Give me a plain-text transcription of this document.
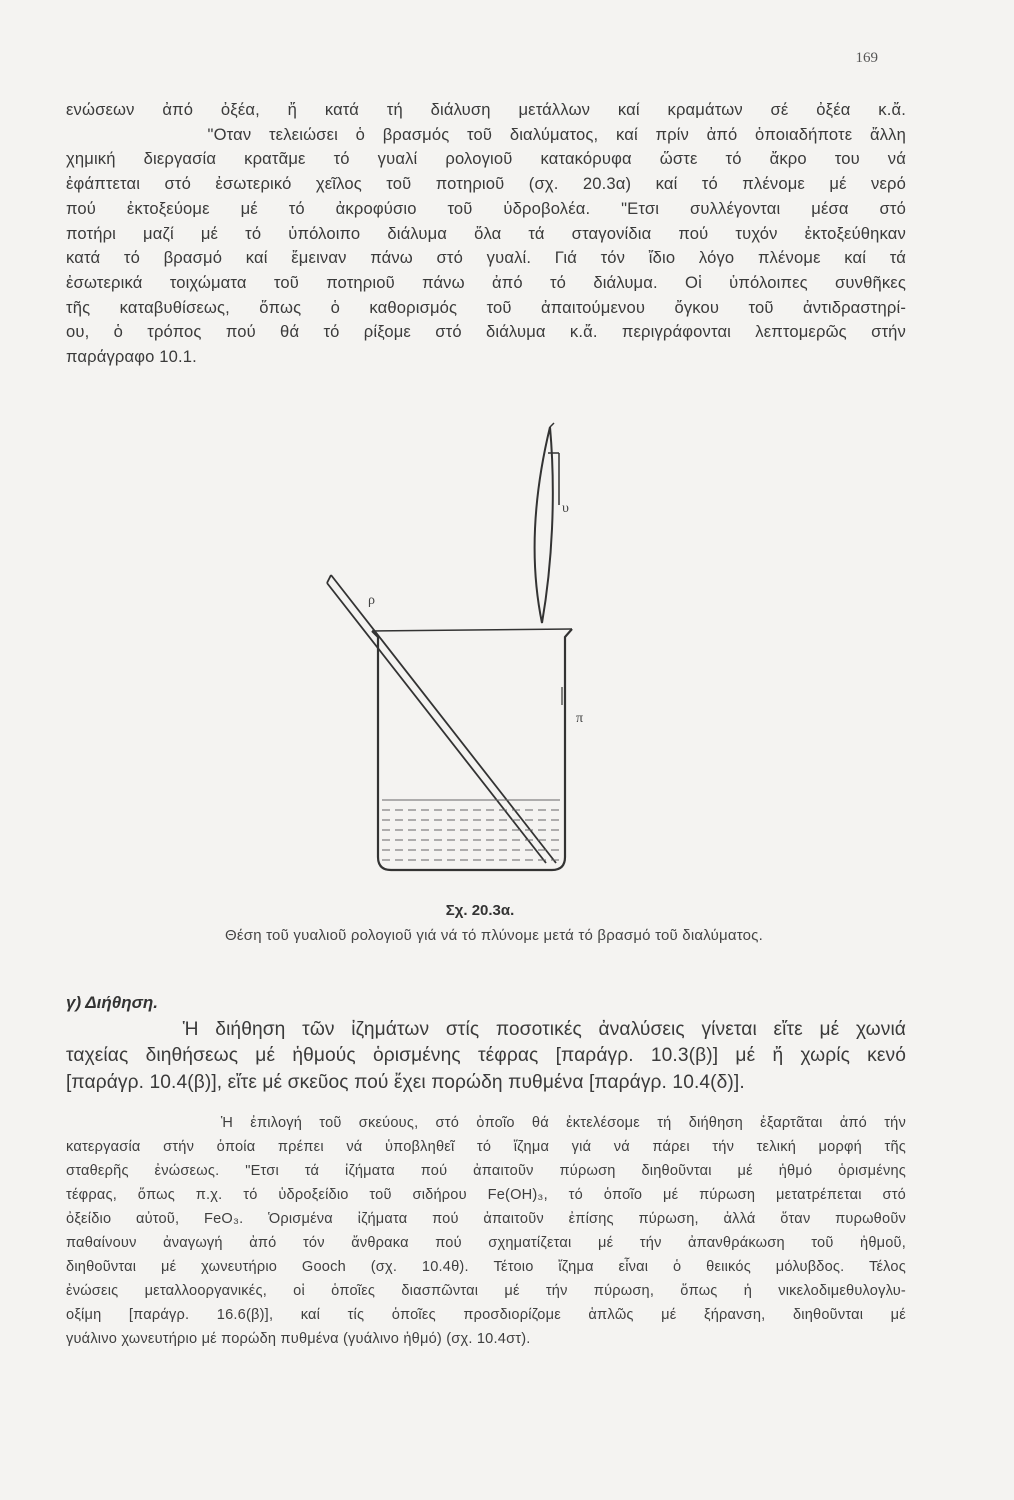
169
ενώσεων ἀπό ὀξέα, ἤ κατά τή διάλυση μετάλλων καί κραμάτων σέ ὀξέα κ.ἄ.
"Οταν τελειώσει ὁ βρασμός τοῦ διαλύματος, καί πρίν ἀπό ὁποιαδήποτε ἄλλη
χημική διεργασία κρατᾶμε τό γυαλί ρολογιοῦ κατακόρυφα ὥστε τό ἄκρο του νά
ἐφάπτεται στό ἐσωτερικό χεῖλος τοῦ ποτηριοῦ (σχ. 20.3α) καί τό πλένομε μέ νερό
πού ἐκτοξεύομε μέ τό ἀκροφύσιο τοῦ ὑδροβολέα. "Ετσι συλλέγονται μέσα στό
ποτήρι μαζί μέ τό ὑπόλοιπο διάλυμα ὅλα τά σταγονίδια πού τυχόν ἐκτοξεύθηκαν
κατά τό βρασμό καί ἔμειναν πάνω στό γυαλί. Γιά τόν ἴδιο λόγο πλένομε καί τά
ἐσωτερικά τοιχώματα τοῦ ποτηριοῦ πάνω ἀπό τό διάλυμα. Οἱ ὑπόλοιπες συνθῆκες
τῆς καταβυθίσεως, ὅπως ὁ καθορισμός τοῦ ἀπαιτούμενου ὄγκου τοῦ ἀντιδραστηρί-
ου, ὁ τρόπος πού θά τό ρίξομε στό διάλυμα κ.ἄ. περιγράφονται λεπτομερῶς στήν
παράγραφο 10.1.
υ
ρ
π
Σχ. 20.3α.
Θέση τοῦ γυαλιοῦ ρολογιοῦ γιά νά τό πλύνομε μετά τό βρασμό τοῦ διαλύματος.
γ) Διήθηση.
Ἡ διήθηση τῶν ἰζημάτων στίς ποσοτικές ἀναλύσεις γίνεται εἴτε μέ χωνιά
ταχείας διηθήσεως μέ ἡθμούς ὁρισμένης τέφρας [παράγρ. 10.3(β)] μέ ἤ χωρίς κενό
[παράγρ. 10.4(β)], εἴτε μέ σκεῦος πού ἔχει πορώδη πυθμένα [παράγρ. 10.4(δ)].
Ἡ ἐπιλογή τοῦ σκεύους, στό ὁποῖο θά ἐκτελέσομε τή διήθηση ἐξαρτᾶται ἀπό τήν
κατεργασία στήν ὁποία πρέπει νά ὑποβληθεῖ τό ἴζημα γιά νά πάρει τήν τελική μορφή τῆς
σταθερῆς ἐνώσεως. "Ετσι τά ἰζήματα πού ἀπαιτοῦν πύρωση διηθοῦνται μέ ἡθμό ὁρισμένης
τέφρας, ὅπως π.χ. τό ὑδροξείδιο τοῦ σιδήρου Fe(OH)₃, τό ὁποῖο μέ πύρωση μετατρέπεται στό
ὀξείδιο αὐτοῦ, FeO₃. Ὁρισμένα ἰζήματα πού ἀπαιτοῦν ἐπίσης πύρωση, ἀλλά ὅταν πυρωθοῦν
παθαίνουν ἀναγωγή ἀπό τόν ἄνθρακα πού σχηματίζεται μέ τήν ἀπανθράκωση τοῦ ἡθμοῦ,
διηθοῦνται μέ χωνευτήριο Gooch (σχ. 10.4θ). Τέτοιο ἴζημα εἶναι ὁ θειικός μόλυβδος. Τέλος
ἐνώσεις μεταλλοοργανικές, οἱ ὁποῖες διασπῶνται μέ τήν πύρωση, ὅπως ἡ νικελοδιμεθυλογλυ-
οξίμη [παράγρ. 16.6(β)], καί τίς ὁποῖες προσδιορίζομε ἁπλῶς μέ ξήρανση, διηθοῦνται μέ
γυάλινο χωνευτήριο μέ πορώδη πυθμένα (γυάλινο ἡθμό) (σχ. 10.4στ).
